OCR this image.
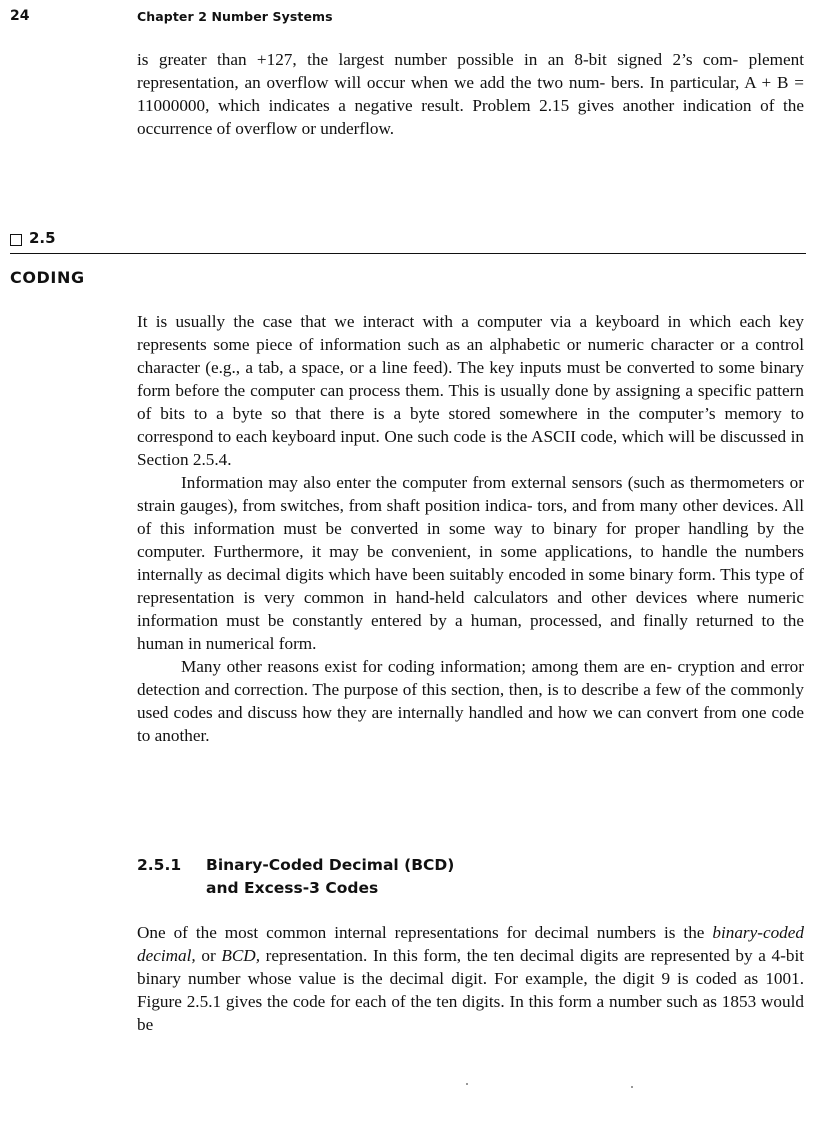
24	Chapter 2 Number Systems

is greater than +127, the largest number possible in an 8-bit signed 2’s com- plement representation, an overflow will occur when we add the two num- bers. In particular, A + B = 11000000, which indicates a negative result. Problem 2.15 gives another indication of the occurrence of overflow or underflow.

2.5
CODING

It is usually the case that we interact with a computer via a keyboard in which each key represents some piece of information such as an alphabetic or numeric character or a control character (e.g., a tab, a space, or a line feed). The key inputs must be converted to some binary form before the computer can process them. This is usually done by assigning a specific pattern of bits to a byte so that there is a byte stored somewhere in the computer’s memory to correspond to each keyboard input. One such code is the ASCII code, which will be discussed in Section 2.5.4.

Information may also enter the computer from external sensors (such as thermometers or strain gauges), from switches, from shaft position indica- tors, and from many other devices. All of this information must be converted in some way to binary for proper handling by the computer. Furthermore, it may be convenient, in some applications, to handle the numbers internally as decimal digits which have been suitably encoded in some binary form. This type of representation is very common in hand-held calculators and other devices where numeric information must be constantly entered by a human, processed, and finally returned to the human in numerical form.

Many other reasons exist for coding information; among them are en- cryption and error detection and correction. The purpose of this section, then, is to describe a few of the commonly used codes and discuss how they are internally handled and how we can convert from one code to another.

2.5.1 Binary-Coded Decimal (BCD)
and Excess-3 Codes

One of the most common internal representations for decimal numbers is the binary-coded decimal, or BCD, representation. In this form, the ten decimal digits are represented by a 4-bit binary number whose value is the decimal digit. For example, the digit 9 is coded as 1001. Figure 2.5.1 gives the code for each of the ten digits. In this form a number such as 1853 would be
